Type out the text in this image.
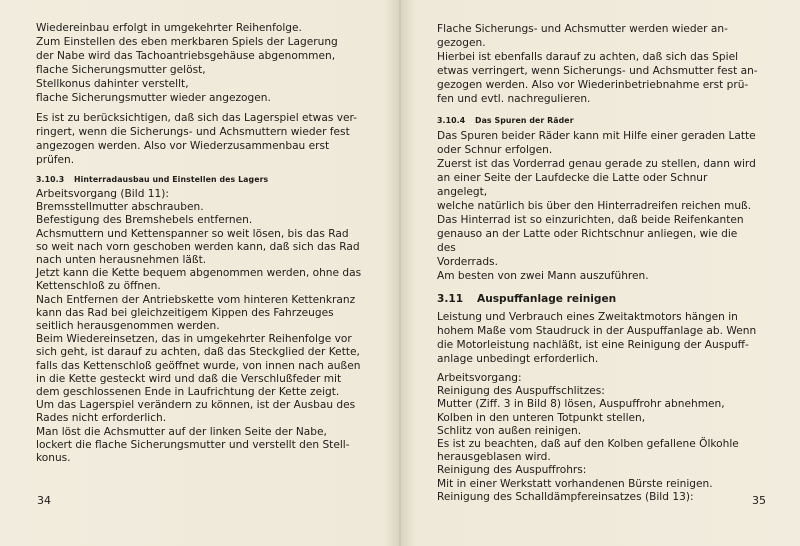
Wiedereinbau erfolgt in umgekehrter Reihenfolge.
Zum Einstellen des eben merkbaren Spiels der Lagerung
der Nabe wird das Tachoantriebsgehäuse abgenommen,
flache Sicherungsmutter gelöst,
Stellkonus dahinter verstellt,
flache Sicherungsmutter wieder angezogen.

Es ist zu berücksichtigen, daß sich das Lagerspiel etwas ver-
ringert, wenn die Sicherungs- und Achsmuttern wieder fest
angezogen werden. Also vor Wiederzusammenbau erst
prüfen.

3.10.3 Hinterradausbau und Einstellen des Lagers

Arbeitsvorgang (Bild 11):
Bremsstellmutter abschrauben.
Befestigung des Bremshebels entfernen.
Achsmuttern und Kettenspanner so weit lösen, bis das Rad
so weit nach vorn geschoben werden kann, daß sich das Rad
nach unten herausnehmen läßt.
Jetzt kann die Kette bequem abgenommen werden, ohne das
Kettenschloß zu öffnen.
Nach Entfernen der Antriebskette vom hinteren Kettenkranz
kann das Rad bei gleichzeitigem Kippen des Fahrzeuges
seitlich herausgenommen werden.
Beim Wiedereinsetzen, das in umgekehrter Reihenfolge vor
sich geht, ist darauf zu achten, daß das Steckglied der Kette,
falls das Kettenschloß geöffnet wurde, von innen nach außen
in die Kette gesteckt wird und daß die Verschlußfeder mit
dem geschlossenen Ende in Laufrichtung der Kette zeigt.
Um das Lagerspiel verändern zu können, ist der Ausbau des
Rades nicht erforderlich.
Man löst die Achsmutter auf der linken Seite der Nabe,
lockert die flache Sicherungsmutter und verstellt den Stell-
konus.

34

Flache Sicherungs- und Achsmutter werden wieder an-
gezogen.
Hierbei ist ebenfalls darauf zu achten, daß sich das Spiel
etwas verringert, wenn Sicherungs- und Achsmutter fest an-
gezogen werden. Also vor Wiederinbetriebnahme erst prü-
fen und evtl. nachregulieren.

3.10.4 Das Spuren der Räder

Das Spuren beider Räder kann mit Hilfe einer geraden Latte
oder Schnur erfolgen.
Zuerst ist das Vorderrad genau gerade zu stellen, dann wird
an einer Seite der Laufdecke die Latte oder Schnur angelegt,
welche natürlich bis über den Hinterradreifen reichen muß.
Das Hinterrad ist so einzurichten, daß beide Reifenkanten
genauso an der Latte oder Richtschnur anliegen, wie die des
Vorderrads.
Am besten von zwei Mann auszuführen.

3.11 Auspuffanlage reinigen

Leistung und Verbrauch eines Zweitaktmotors hängen in
hohem Maße vom Staudruck in der Auspuffanlage ab. Wenn
die Motorleistung nachläßt, ist eine Reinigung der Auspuff-
anlage unbedingt erforderlich.

Arbeitsvorgang:
Reinigung des Auspuffschlitzes:
Mutter (Ziff. 3 in Bild 8) lösen, Auspuffrohr abnehmen,
Kolben in den unteren Totpunkt stellen,
Schlitz von außen reinigen.
Es ist zu beachten, daß auf den Kolben gefallene Ölkohle
herausgeblasen wird.
Reinigung des Auspuffrohrs:
Mit in einer Werkstatt vorhandenen Bürste reinigen.
Reinigung des Schalldämpfereinsatzes (Bild 13):	35
